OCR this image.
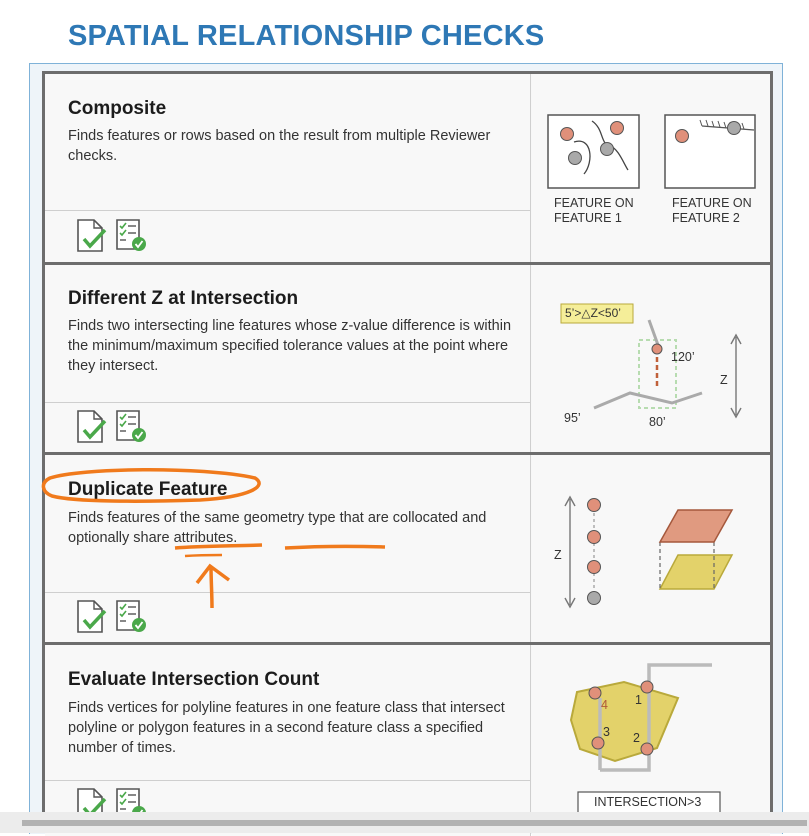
SPATIAL RELATIONSHIP CHECKS
Composite

Finds features or rows based on the result from multiple Reviewer checks.

FEATURE ON
FEATURE 1
FEATURE ON
FEATURE 2
Different Z at Intersection

Finds two intersecting line features whose z-value difference is within the minimum/maximum specified tolerance values at the point where they intersect.

5’>△Z<50’
120’
Z
95’	80’
Duplicate Feature

Finds features of the same geometry type that are collocated and optionally share attributes.

Z
Evaluate Intersection Count

Finds vertices for polyline features in one feature class that intersect polyline or polygon features in a second feature class a specified number of times.

1
4
3 2
INTERSECTION>3
